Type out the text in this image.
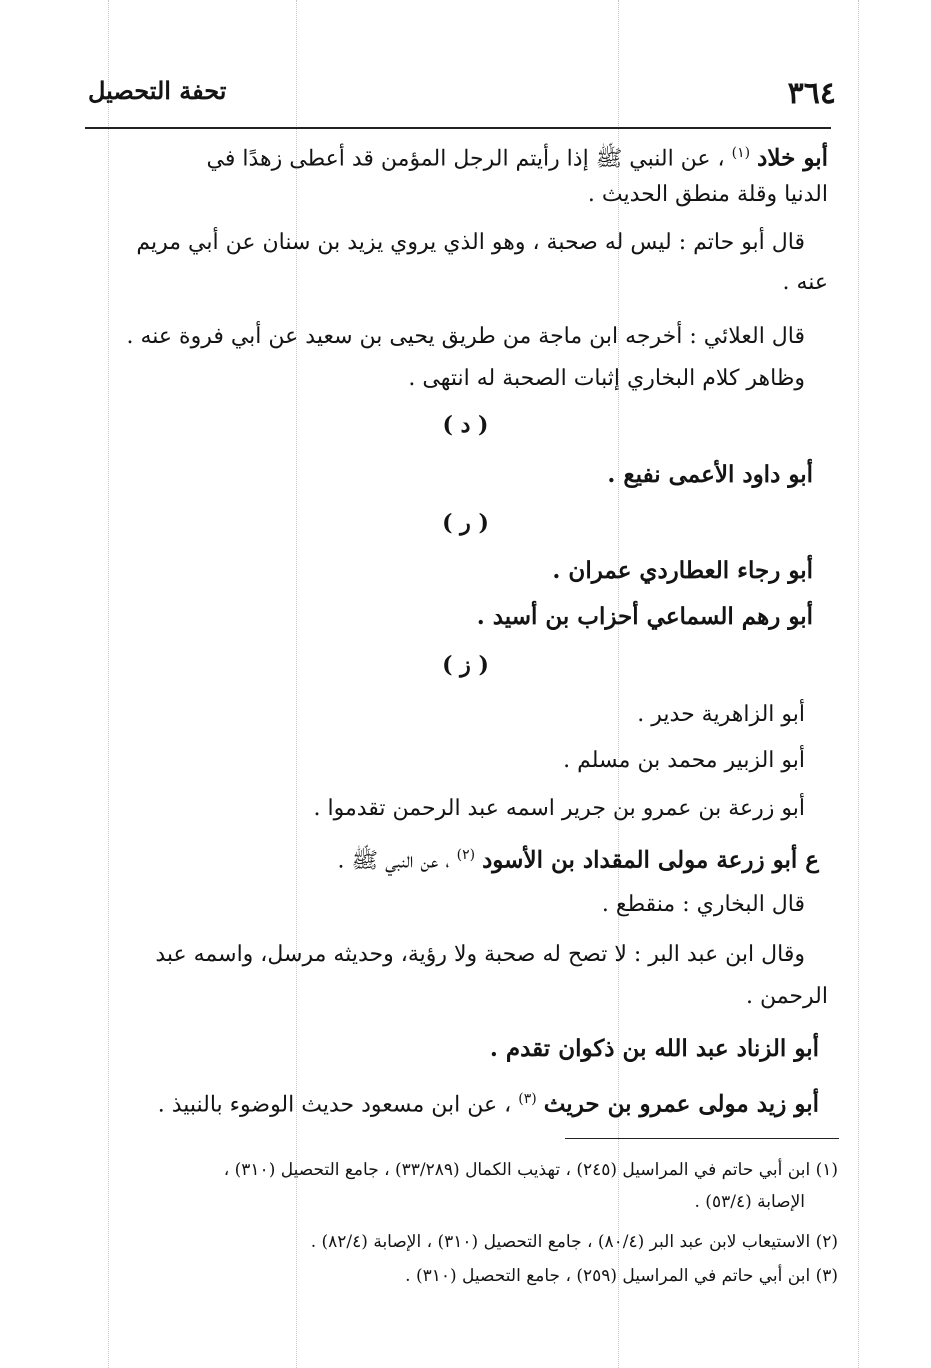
٣٦٤
تحفة التحصيل
أبو خلاد $^{(١)}$ ، عن النبي ﷺ إذا رأيتم الرجل المؤمن قد أعطى زهدًا في
الدنيا وقلة منطق الحديث .
قال أبو حاتم : ليس له صحبة ، وهو الذي يروي يزيد بن سنان عن أبي مريم
عنه .
قال العلائي : أخرجه ابن ماجة من طريق يحيى بن سعيد عن أبي فروة عنه .
وظاهر كلام البخاري إثبات الصحبة له انتهى .
( د )
أبو داود الأعمى نفيع .
( ر )
أبو رجاء العطاردي عمران .
أبو رهم السماعي أحزاب بن أسيد .
( ز )
أبو الزاهرية حدير .
أبو الزبير محمد بن مسلم .
أبو زرعة بن عمرو بن جرير اسمه عبد الرحمن تقدموا .
ع أبو زرعة مولى المقداد بن الأسود $^{(٢)}$ ، عن النبي ﷺ .
قال البخاري : منقطع .
وقال ابن عبد البر : لا تصح له صحبة ولا رؤية، وحديثه مرسل، واسمه عبد
الرحمن .
أبو الزناد عبد الله بن ذكوان تقدم .
أبو زيد مولى عمرو بن حريث $^{(٣)}$ ، عن ابن مسعود حديث الوضوء بالنبيذ .
(١) ابن أبي حاتم في المراسيل (٢٤٥) ، تهذيب الكمال (٣٣/٢٨٩) ، جامع التحصيل (٣١٠) ،
الإصابة (٥٣/٤) .
(٢) الاستيعاب لابن عبد البر (٨٠/٤) ، جامع التحصيل (٣١٠) ، الإصابة (٨٢/٤) .
(٣) ابن أبي حاتم في المراسيل (٢٥٩) ، جامع التحصيل (٣١٠) .
